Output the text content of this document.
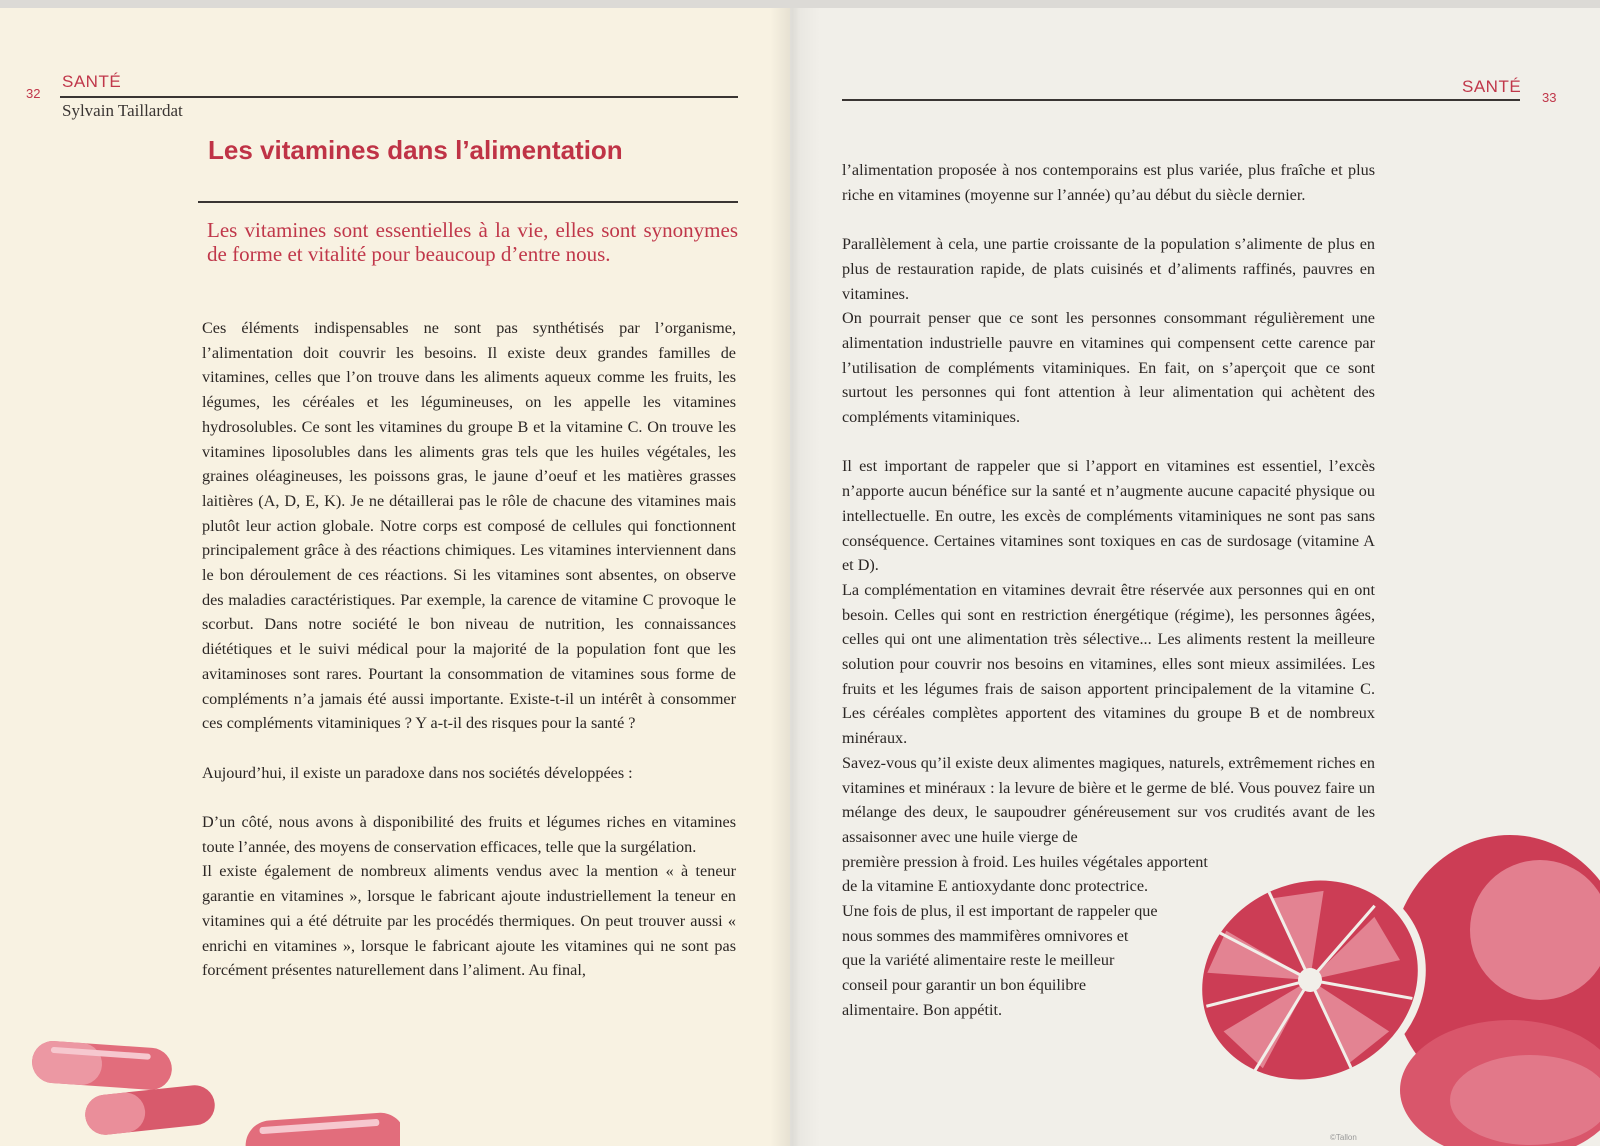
32
SANTÉ
Sylvain Taillardat
Les vitamines dans l’alimentation
Les vitamines sont essentielles à la vie, elles sont synonymes de forme et vitalité pour beaucoup d’entre nous.

Ces éléments indispensables ne sont pas synthétisés par l’organisme, l’alimentation doit couvrir les besoins. Il existe deux grandes familles de vitamines, celles que l’on trouve dans les aliments aqueux comme les fruits, les légumes, les céréales et les légumineuses, on les appelle les vitamines hydrosolubles. Ce sont les vitamines du groupe B et la vitamine C. On trouve les vitamines liposolubles dans les aliments gras tels que les huiles végétales, les graines oléagineuses, les poissons gras, le jaune d’oeuf et les matières grasses laitières (A, D, E, K). Je ne détaillerai pas le rôle de chacune des vitamines mais plutôt leur action globale. Notre corps est composé de cellules qui fonctionnent principalement grâce à des réactions chimiques. Les vitamines interviennent dans le bon déroulement de ces réactions. Si les vitamines sont absentes, on observe des maladies caractéristiques. Par exemple, la carence de vitamine C provoque le scorbut. Dans notre société le bon niveau de nutrition, les connaissances diététiques et le suivi médical pour la majorité de la population font que les avitaminoses sont rares. Pourtant la consommation de vitamines sous forme de compléments n’a jamais été aussi importante. Existe-t-il un intérêt à consommer ces compléments vitaminiques ? Y a-t-il des risques pour la santé ?

Aujourd’hui, il existe un paradoxe dans nos sociétés développées :

D’un côté, nous avons à disponibilité des fruits et légumes riches en vitamines toute l’année, des moyens de conservation efficaces, telle que la surgélation.

Il existe également de nombreux aliments vendus avec la mention « à teneur garantie en vitamines », lorsque le fabricant ajoute industriellement la teneur en vitamines qui a été détruite par les procédés thermiques. On peut trouver aussi « enrichi en vitamines », lorsque le fabricant ajoute les vitamines qui ne sont pas forcément présentes naturellement dans l’aliment. Au final,

SANTÉ
33

l’alimentation proposée à nos contemporains est plus variée, plus fraîche et plus riche en vitamines (moyenne sur l’année) qu’au début du siècle dernier.

Parallèlement à cela, une partie croissante de la population s’alimente de plus en plus de restauration rapide, de plats cuisinés et d’aliments raffinés, pauvres en vitamines.

On pourrait penser que ce sont les personnes consommant régulièrement une alimentation industrielle pauvre en vitamines qui compensent cette carence par l’utilisation de compléments vitaminiques. En fait, on s’aperçoit que ce sont surtout les personnes qui font attention à leur alimentation qui achètent des compléments vitaminiques.

Il est important de rappeler que si l’apport en vitamines est essentiel, l’excès n’apporte aucun bénéfice sur la santé et n’augmente aucune capacité physique ou intellectuelle. En outre, les excès de compléments vitaminiques ne sont pas sans conséquence. Certaines vitamines sont toxiques en cas de surdosage (vitamine A et D).

La complémentation en vitamines devrait être réservée aux personnes qui en ont besoin. Celles qui sont en restriction énergétique (régime), les personnes âgées, celles qui ont une alimentation très sélective... Les aliments restent la meilleure solution pour couvrir nos besoins en vitamines, elles sont mieux assimilées. Les fruits et les légumes frais de saison apportent principalement de la vitamine C. Les céréales complètes apportent des vitamines du groupe B et de nombreux minéraux.

Savez-vous qu’il existe deux alimentes magiques, naturels, extrêmement riches en vitamines et minéraux : la levure de bière et le germe de blé. Vous pouvez faire un mélange des deux, le saupoudrer généreusement sur vos crudités avant de les assaisonner avec une huile vierge de

première pression à froid. Les huiles végétales apportent
de la vitamine E antioxydante donc protectrice.
Une fois de plus, il est important de rappeler que
nous sommes des mammifères omnivores et
que la variété alimentaire reste le meilleur
conseil pour garantir un bon équilibre
alimentaire. Bon appétit.
©Tallon
